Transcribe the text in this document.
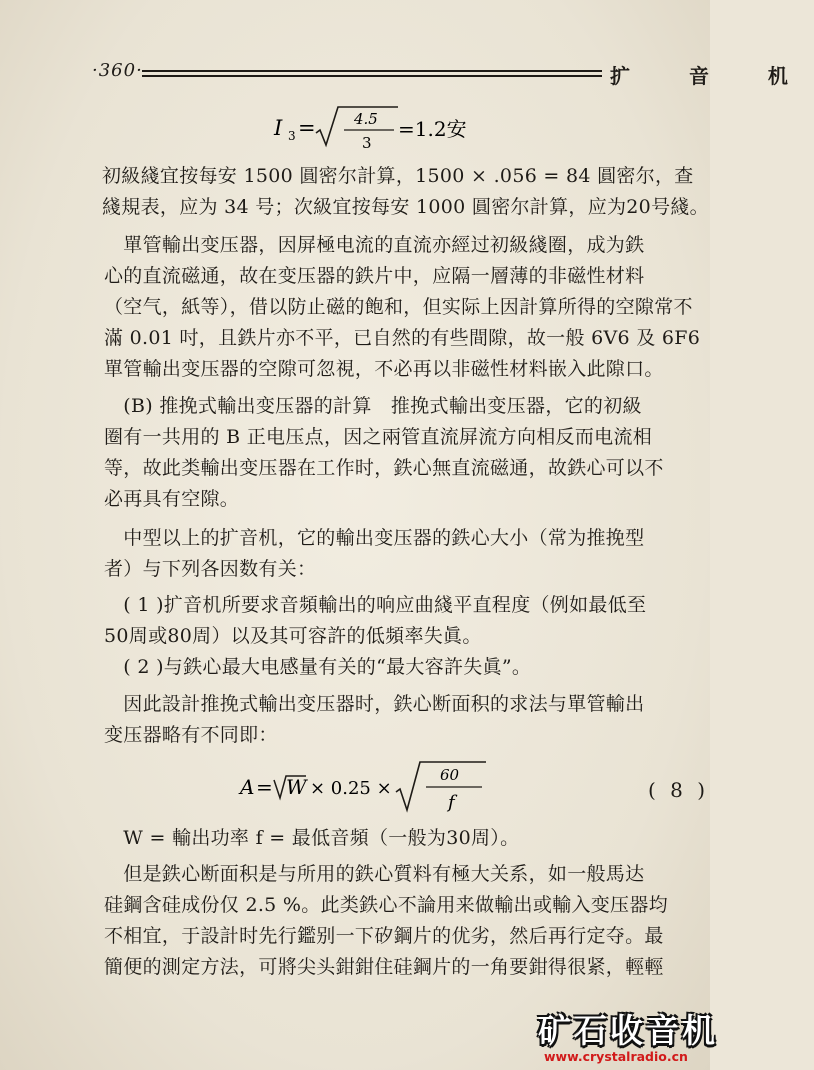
·360·	扩 音 机
I 3 =	4.5
3
=1.2安
初級綫宜按每安 1500 圓密尔計算，1500 × .056 = 84 圓密尔，查
綫規表，应为 34 号；次級宜按每安 1000 圓密尔計算，应为20号綫。
　單管輸出变压器，因屏極电流的直流亦經过初級綫圈，成为鉄
心的直流磁通，故在变压器的鉄片中，应隔一層薄的非磁性材料
（空气，紙等），借以防止磁的飽和，但实际上因計算所得的空隙常不
滿 0.01 吋，且鉄片亦不平，已自然的有些間隙，故一般 6V6 及 6F6
單管輸出变压器的空隙可忽視，不必再以非磁性材料嵌入此隙口。
　(B) 推挽式輸出变压器的計算　推挽式輸出变压器，它的初級
圈有一共用的 B 正电压点，因之兩管直流屏流方向相反而电流相
等，故此类輸出变压器在工作时，鉄心無直流磁通，故鉄心可以不
必再具有空隙。
　中型以上的扩音机，它的輸出变压器的鉄心大小（常为推挽型
者）与下列各因数有关：
　( 1 )扩音机所要求音頻輸出的响应曲綫平直程度（例如最低至
50周或80周）以及其可容許的低頻率失眞。
　( 2 )与鉄心最大电感量有关的“最大容許失眞”。
　因此設計推挽式輸出变压器时，鉄心断面积的求法与單管輸出
变压器略有不同即：
A = W × 0.25 ×
60
f
( 8 )
　W = 輸出功率 f = 最低音頻（一般为30周）。
　但是鉄心断面积是与所用的鉄心質料有極大关系，如一般馬达
硅鋼含硅成份仅 2.5 %。此类鉄心不論用来做輸出或輸入变压器均
不相宜，于設計时先行鑑别一下矽鋼片的优劣，然后再行定夺。最
簡便的測定方法，可將尖头鉗鉗住硅鋼片的一角要鉗得很紧，輕輕
矿石收音机
www.crystalradio.cn
